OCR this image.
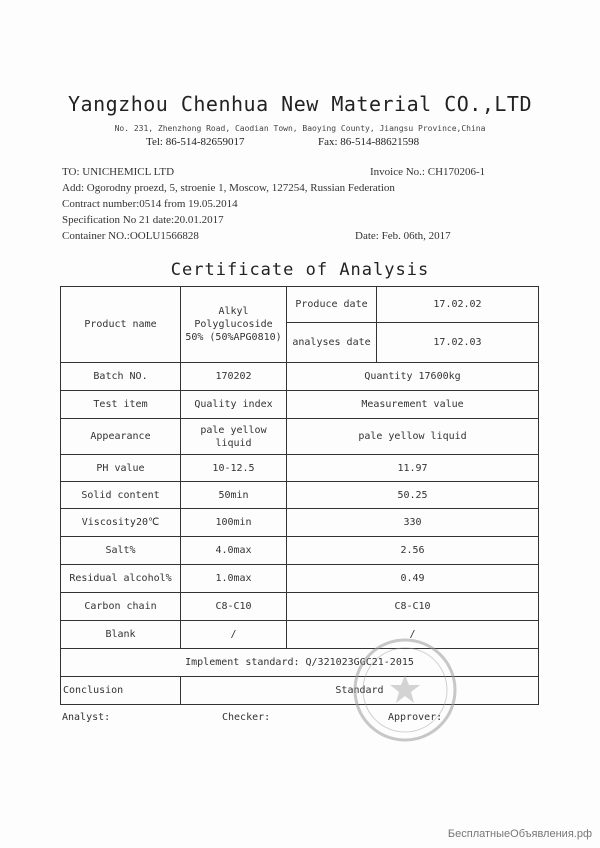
Yangzhou Chenhua New Material CO.,LTD
No. 231, Zhenzhong Road, Caodian Town, Baoying County, Jiangsu Province,China
Tel: 86-514-82659017	Fax: 86-514-88621598
TO: UNICHEMICL LTD	Invoice No.: CH170206-1
Add: Ogorodny proezd, 5, stroenie 1, Moscow, 127254, Russian Federation
Contract number:0514 from 19.05.2014
Specification No 21 date:20.01.2017
Container NO.:OOLU1566828	Date: Feb. 06th, 2017
Certificate of Analysis
Product name	Alkyl Polyglucoside 50% (50%APG0810)	Produce date	17.02.02
		analyses date	17.02.03
Batch NO.	170202	Quantity 17600kg	
Test item	Quality index	Measurement value	
Appearance	pale yellow liquid	pale yellow liquid	
PH value	10-12.5	11.97	
Solid content	50min	50.25	
Viscosity20℃	100min	330	
Salt%	4.0max	2.56	
Residual alcohol%	1.0max	0.49	
Carbon chain	C8-C10	C8-C10	
Blank	/	/	
Implement standard: Q/321023GGC21-2015			
Conclusion	Standard		
Analyst:	Checker:	Approver:
БесплатныеОбъявления.рф
